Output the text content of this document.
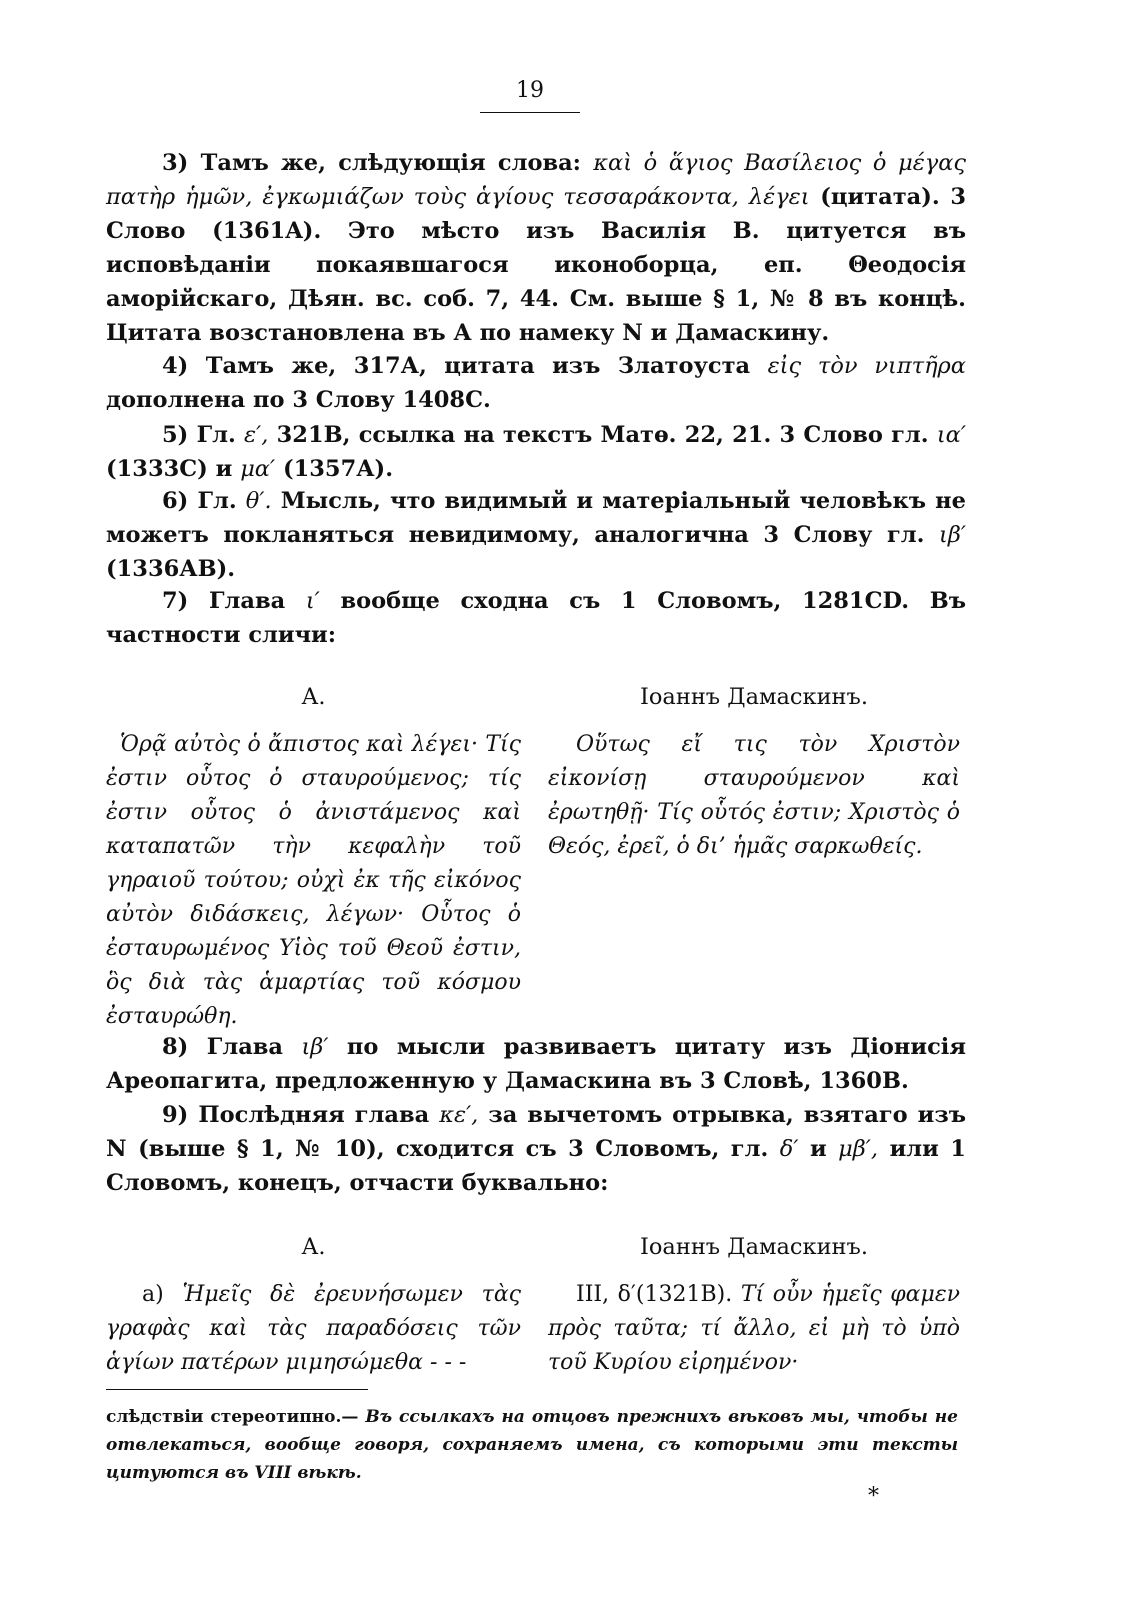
19

3) Тамъ же, слѣдующія слова: καὶ ὁ ἅγιος Βασίλειος ὁ μέγας πατὴρ ἡμῶν, ἐγκωμιάζων τοὺς ἁγίους τεσσαράκοντα, λέγει (цитата). 3 Слово (1361A). Это мѣсто изъ Василія В. цитуется въ исповѣданіи покаявшагося иконоборца, еп. Θеодосія аморійскаго, Дѣян. вс. соб. 7, 44. См. выше § 1, № 8 въ концѣ. Цитата возстановлена въ А по намеку N и Дамаскину.

4) Тамъ же, 317А, цитата изъ Златоуста εἰς τὸν νιπτῆρα дополнена по 3 Слову 1408С.

5) Гл. ε′, 321В, ссылка на текстъ Матѳ. 22, 21. 3 Слово гл. ια′ (1333С) и μα′ (1357А).

6) Гл. θ′. Мысль, что видимый и матеріальный человѣкъ не можетъ покланяться невидимому, аналогична 3 Слову гл. ιβ′ (1336АВ).

7) Глава ι′ вообще сходна съ 1 Словомъ, 1281CD. Въ частности сличи:

А.	Іоаннъ Дамаскинъ.

Ὁρᾷ αὐτὸς ὁ ἄπιστος καὶ λέγει· Τίς ἐστιν οὗτος ὁ σταυρούμενος; τίς ἐστιν οὗτος ὁ ἀνιστάμενος καὶ καταπατῶν τὴν κεφαλὴν τοῦ γηραιοῦ τούτου; οὐχὶ ἐκ τῆς εἰκόνος αὐτὸν διδάσκεις, λέγων· Οὗτος ὁ ἐσταυρωμένος Υἱὸς τοῦ Θεοῦ ἐστιν, ὃς διὰ τὰς ἁμαρτίας τοῦ κόσμου ἐσταυρώθη.

Οὕτως εἴ τις τὸν Χριστὸν εἰκονίσῃ σταυρούμενον καὶ ἐρωτηθῇ· Τίς οὗτός ἐστιν; Χριστὸς ὁ Θεός, ἐρεῖ, ὁ δι’ ἡμᾶς σαρκωθείς.

8) Глава ιβ′ по мысли развиваетъ цитату изъ Діонисія Ареопагита, предложенную у Дамаскина въ 3 Словѣ, 1360В.

9) Послѣдняя глава κε′, за вычетомъ отрывка, взятаго изъ N (выше § 1, № 10), сходится съ 3 Словомъ, гл. δ′ и μβ′, или 1 Словомъ, конецъ, отчасти буквально:

А.	Іоаннъ Дамаскинъ.

а) Ἡμεῖς δὲ ἐρευνήσωμεν τὰς γραφὰς καὶ τὰς παραδόσεις τῶν ἁγίων πατέρων μιμησώμεθα - - -

III, δ′(1321B). Τί οὖν ἡμεῖς φαμεν πρὸς ταῦτα; τί ἄλλο, εἰ μὴ τὸ ὑπὸ τοῦ Κυρίου εἰρημένον·

слѣдствіи стереотипно.— Въ ссылкахъ на отцовъ прежнихъ вѣковъ мы, чтобы не отвлекаться, вообще говоря, сохраняемъ имена, съ которыми эти тексты цитуются въ VIII вѣкѣ.

*
